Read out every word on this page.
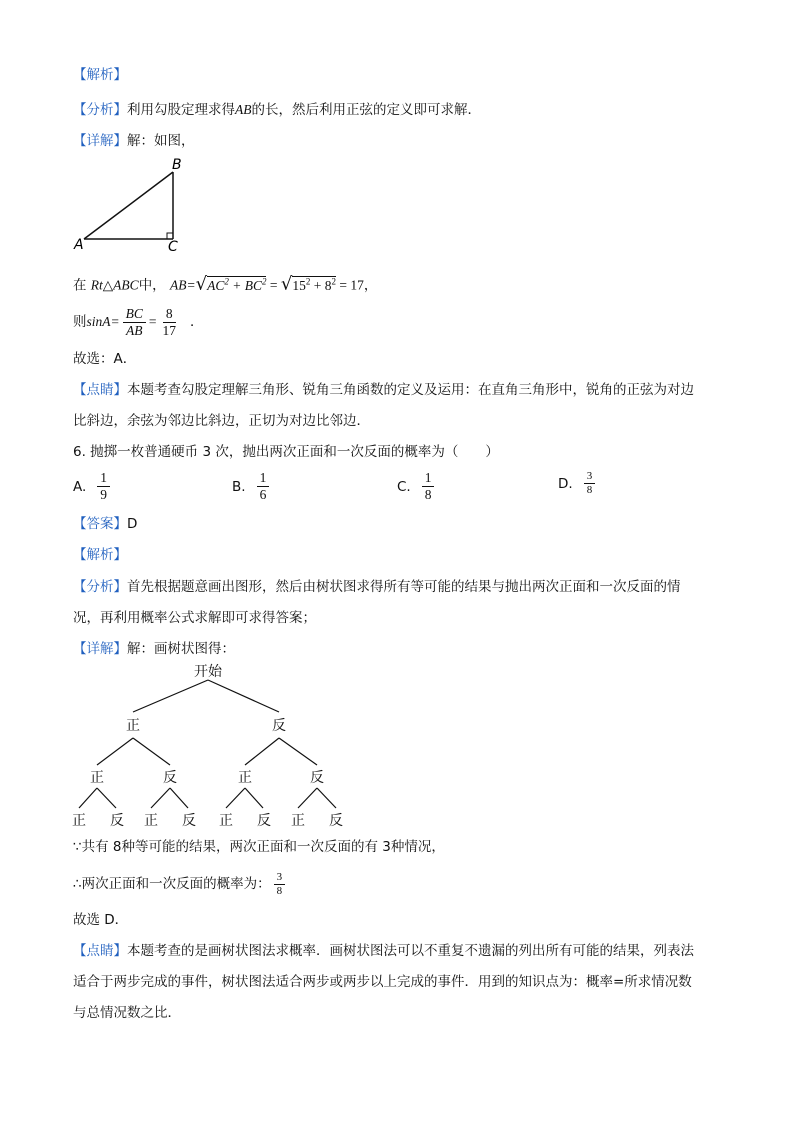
【解析】
【分析】利用勾股定理求得AB的长，然后利用正弦的定义即可求解．
【详解】解：如图，
A
B
C
在 Rt△ABC中， $AB=√AC^2 + BC^2 = √15^2 + 8^2 = 17$，
则$\sin A= \frac{BC}{AB} = \frac{8}{17}$ ．
故选：A．
【点睛】本题考查勾股定理解三角形、锐角三角函数的定义及运用：在直角三角形中，锐角的正弦为对边
比斜边，余弦为邻边比斜边，正切为对边比邻边．
6. 抛掷一枚普通硬币 3 次，抛出两次正面和一次反面的概率为（　　）
A. $\frac{1}{9}$	B. $\frac{1}{6}$	C. $\frac{1}{8}$	D. $\frac{3}{8}$
【答案】D
【解析】
【分析】首先根据题意画出图形，然后由树状图求得所有等可能的结果与抛出两次正面和一次反面的情
况，再利用概率公式求解即可求得答案；
【详解】解：画树状图得：
开始
正	反
正	反	正	反
正 反 正 反 正 反 正 反
∵共有 8种等可能的结果，两次正面和一次反面的有 3种情况，
∴两次正面和一次反面的概率为： $\frac{3}{8}$
故选 D．
【点睛】本题考查的是画树状图法求概率．画树状图法可以不重复不遗漏的列出所有可能的结果，列表法
适合于两步完成的事件，树状图法适合两步或两步以上完成的事件．用到的知识点为：概率=所求情况数
与总情况数之比．
